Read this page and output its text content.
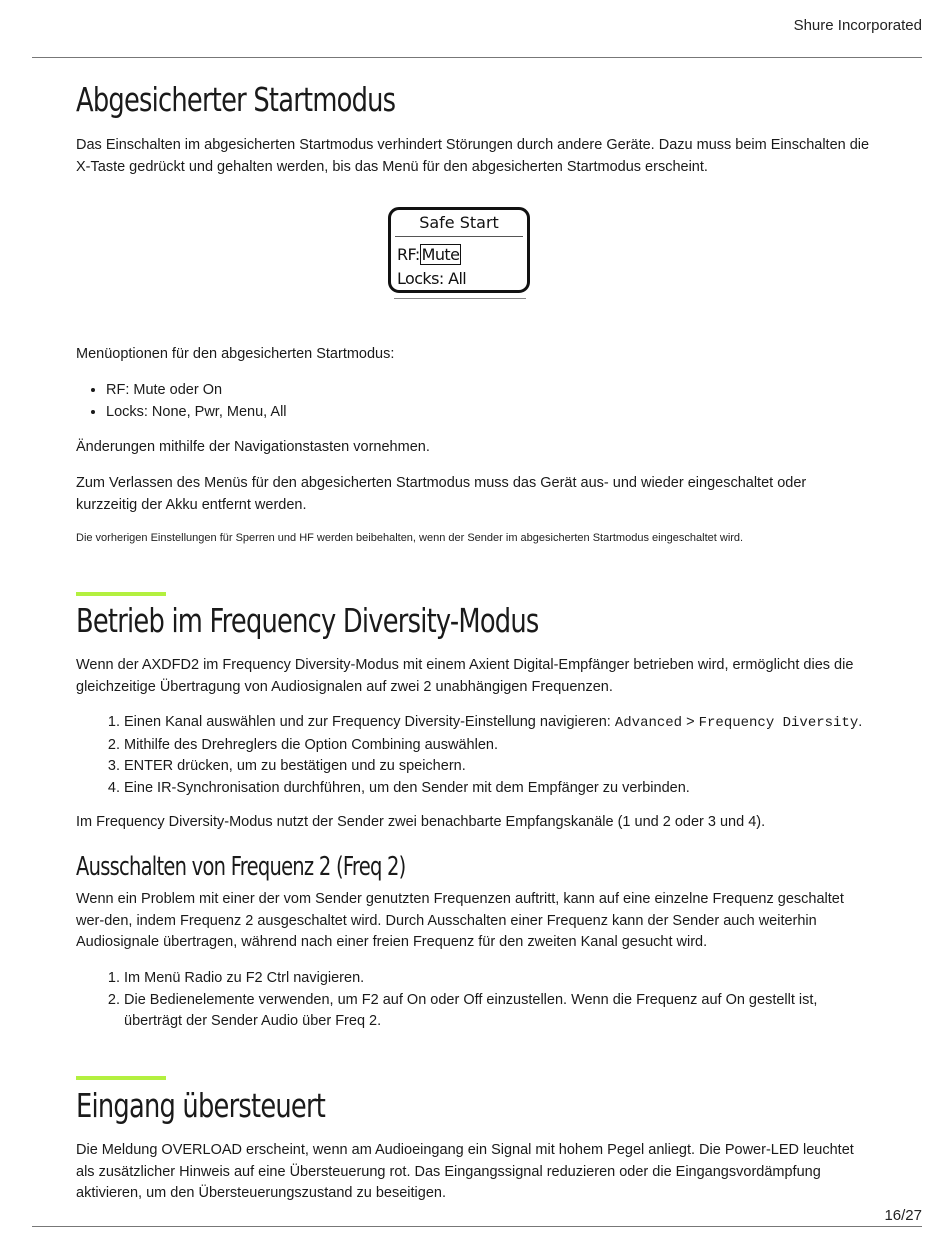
Shure Incorporated
Abgesicherter Startmodus

Das Einschalten im abgesicherten Startmodus verhindert Störungen durch andere Geräte. Dazu muss beim Einschalten die X-Taste gedrückt und gehalten werden, bis das Menü für den abgesicherten Startmodus erscheint.

Menüoptionen für den abgesicherten Startmodus:

• RF: Mute oder On
• Locks: None, Pwr, Menu, All

Änderungen mithilfe der Navigationstasten vornehmen.

Zum Verlassen des Menüs für den abgesicherten Startmodus muss das Gerät aus- und wieder eingeschaltet oder kurzzeitig der Akku entfernt werden.

Die vorherigen Einstellungen für Sperren und HF werden beibehalten, wenn der Sender im abgesicherten Startmodus eingeschaltet wird.

Betrieb im Frequency Diversity-Modus

Wenn der AXDFD2 im Frequency Diversity-Modus mit einem Axient Digital-Empfänger betrieben wird, ermöglicht dies die gleichzeitige Übertragung von Audiosignalen auf zwei 2 unabhängigen Frequenzen.

1. Einen Kanal auswählen und zur Frequency Diversity-Einstellung navigieren: Advanced > Frequency Diversity.
2. Mithilfe des Drehreglers die Option Combining auswählen.
3. ENTER drücken, um zu bestätigen und zu speichern.
4. Eine IR-Synchronisation durchführen, um den Sender mit dem Empfänger zu verbinden.

Im Frequency Diversity-Modus nutzt der Sender zwei benachbarte Empfangskanäle (1 und 2 oder 3 und 4).

Ausschalten von Frequenz 2 (Freq 2)

Wenn ein Problem mit einer der vom Sender genutzten Frequenzen auftritt, kann auf eine einzelne Frequenz geschaltet wer-den, indem Frequenz 2 ausgeschaltet wird. Durch Ausschalten einer Frequenz kann der Sender auch weiterhin Audiosignale übertragen, während nach einer freien Frequenz für den zweiten Kanal gesucht wird.

1. Im Menü Radio zu F2 Ctrl navigieren.
2. Die Bedienelemente verwenden, um F2 auf On oder Off einzustellen. Wenn die Frequenz auf On gestellt ist, überträgt der Sender Audio über Freq 2.
Eingang übersteuert

Die Meldung OVERLOAD erscheint, wenn am Audioeingang ein Signal mit hohem Pegel anliegt. Die Power-LED leuchtet als zusätzlicher Hinweis auf eine Übersteuerung rot. Das Eingangssignal reduzieren oder die Eingangsvordämpfung aktivieren, um den Übersteuerungszustand zu beseitigen.

Safe Start
RF: Mute
Locks: All
16/27
